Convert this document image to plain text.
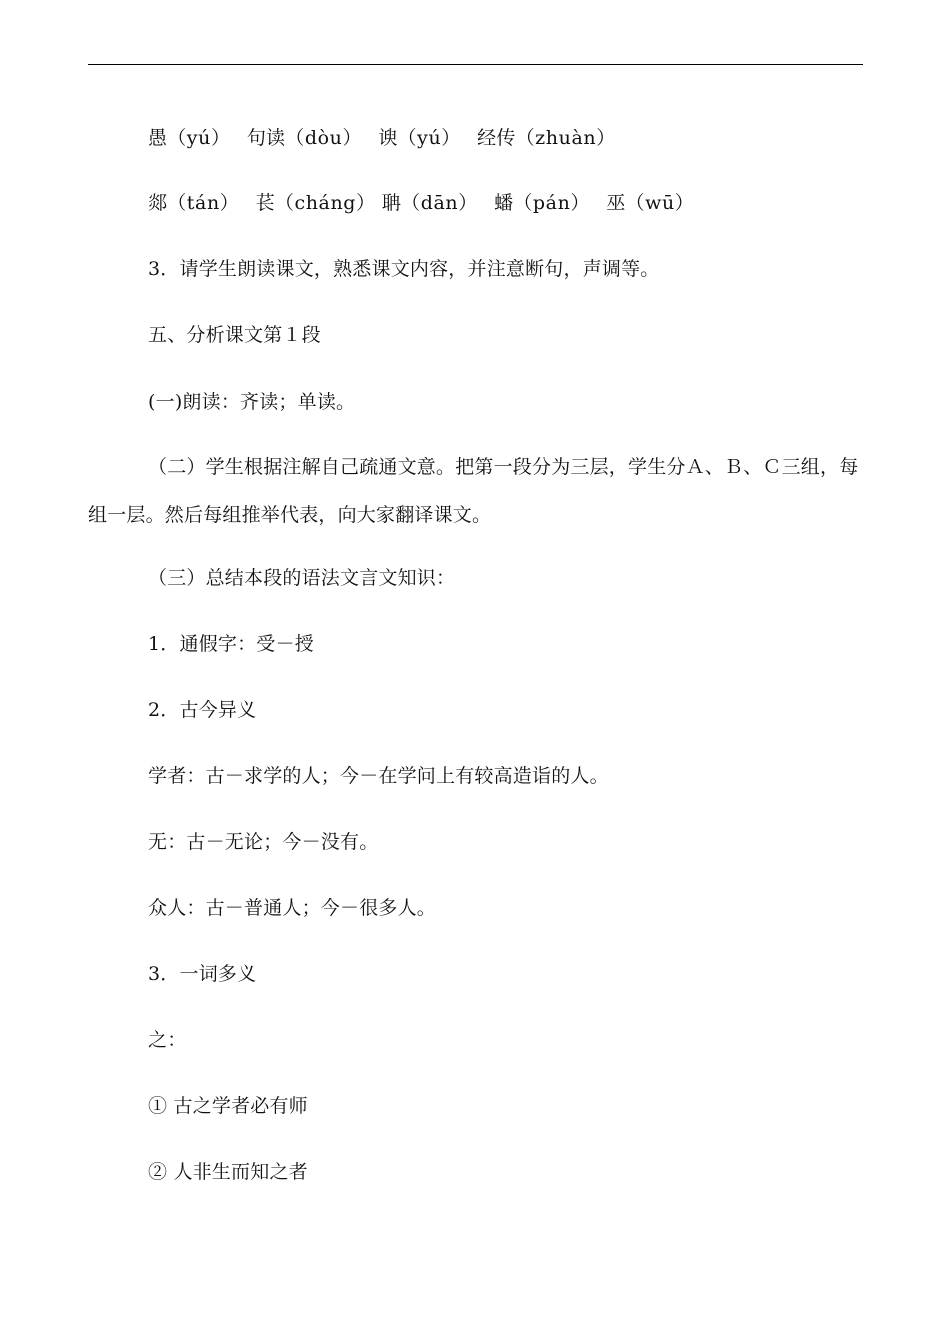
愚（yú） 句读（dòu） 谀（yú） 经传（zhuàn）
郯（tán） 苌（cháng） 聃（dān） 蟠（pán） 巫（wū）
3．请学生朗读课文，熟悉课文内容，并注意断句，声调等。
五、分析课文第１段
(一)朗读：齐读；单读。
（二）学生根据注解自己疏通文意。把第一段分为三层，学生分Ａ、Ｂ、Ｃ三组，每组一层。然后每组推举代表，向大家翻译课文。
（三）总结本段的语法文言文知识：
1．通假字：受－授
2．古今异义
学者：古－求学的人；今－在学问上有较高造诣的人。
无：古－无论；今－没有。
众人：古－普通人；今－很多人。
3．一词多义
之：
① 古之学者必有师
② 人非生而知之者
